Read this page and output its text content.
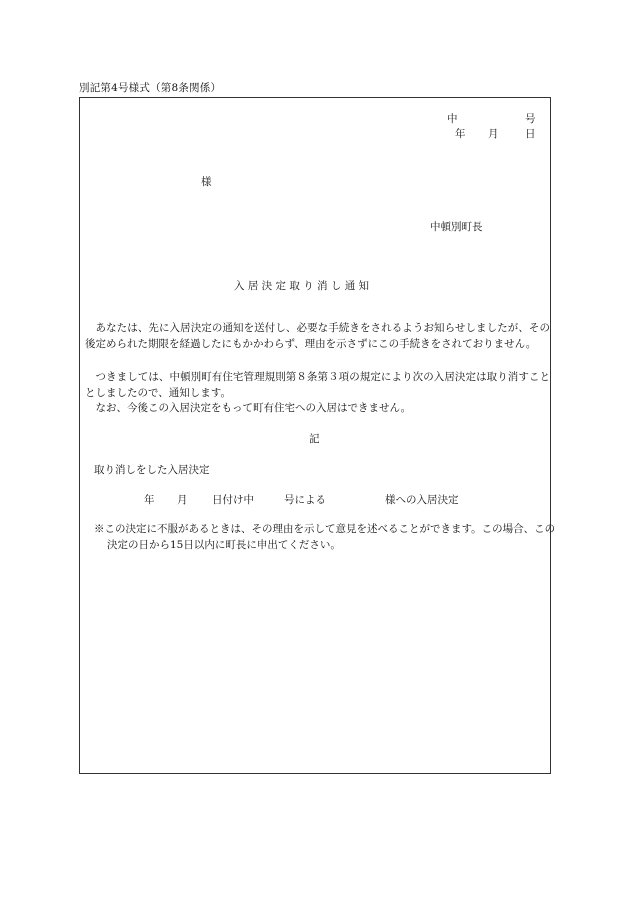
別記第4号様式（第8条関係）
中	号
年 月	日
様
中頓別町長
入 居 決 定 取 り 消 し 通 知

あなたは、先に入居決定の通知を送付し、必要な手続きをされるようお知らせしましたが、その後定められた期限を経過したにもかかわらず、理由を示さずにこの手続きをされておりません。

つきましては、中頓別町有住宅管理規則第８条第３項の規定により次の入居決定は取り消すこととしましたので、通知します。

なお、今後この入居決定をもって町有住宅への入居はできません。

記
取り消しをした入居決定
年 月 日付け中	号による	様への入居決定

※この決定に不服があるときは、その理由を示して意見を述べることができます。この場合、この決定の日から15日以内に町長に申出てください。
